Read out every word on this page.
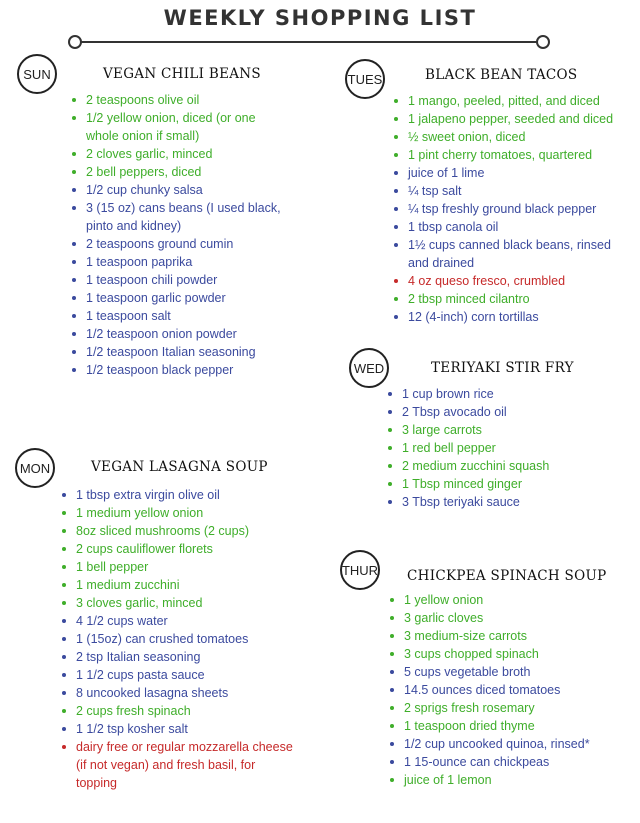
WEEKLY SHOPPING LIST
SUN	VEGAN CHILI BEANS
2 teaspoons olive oil
1/2 yellow onion, diced (or one whole onion if small)
2 cloves garlic, minced
2 bell peppers, diced
1/2 cup chunky salsa
3 (15 oz) cans beans (I used black, pinto and kidney)
2 teaspoons ground cumin
1 teaspoon paprika
1 teaspoon chili powder
1 teaspoon garlic powder
1 teaspoon salt
1/2 teaspoon onion powder
1/2 teaspoon Italian seasoning
1/2 teaspoon black pepper
MON	VEGAN LASAGNA SOUP
1 tbsp extra virgin olive oil
1 medium yellow onion
8oz sliced mushrooms (2 cups)
2 cups cauliflower florets
1 bell pepper
1 medium zucchini
3 cloves garlic, minced
4 1/2 cups water
1 (15oz) can crushed tomatoes
2 tsp Italian seasoning
1 1/2 cups pasta sauce
8 uncooked lasagna sheets
2 cups fresh spinach
1 1/2 tsp kosher salt
dairy free or regular mozzarella cheese (if not vegan) and fresh basil, for topping
TUES	BLACK BEAN TACOS
1 mango, peeled, pitted, and diced
1 jalapeno pepper, seeded and diced
½ sweet onion, diced
1 pint cherry tomatoes, quartered
juice of 1 lime
¼ tsp salt
¼ tsp freshly ground black pepper
1 tbsp canola oil
1½ cups canned black beans, rinsed and drained
4 oz queso fresco, crumbled
2 tbsp minced cilantro
12 (4-inch) corn tortillas
WED	TERIYAKI STIR FRY
1 cup brown rice
2 Tbsp avocado oil
3 large carrots
1 red bell pepper
2 medium zucchini squash
1 Tbsp minced ginger
3 Tbsp teriyaki sauce
THUR CHICKPEA SPINACH SOUP
1 yellow onion
3 garlic cloves
3 medium-size carrots
3 cups chopped spinach
5 cups vegetable broth
14.5 ounces diced tomatoes
2 sprigs fresh rosemary
1 teaspoon dried thyme
1/2 cup uncooked quinoa, rinsed*
1 15-ounce can chickpeas
juice of 1 lemon
